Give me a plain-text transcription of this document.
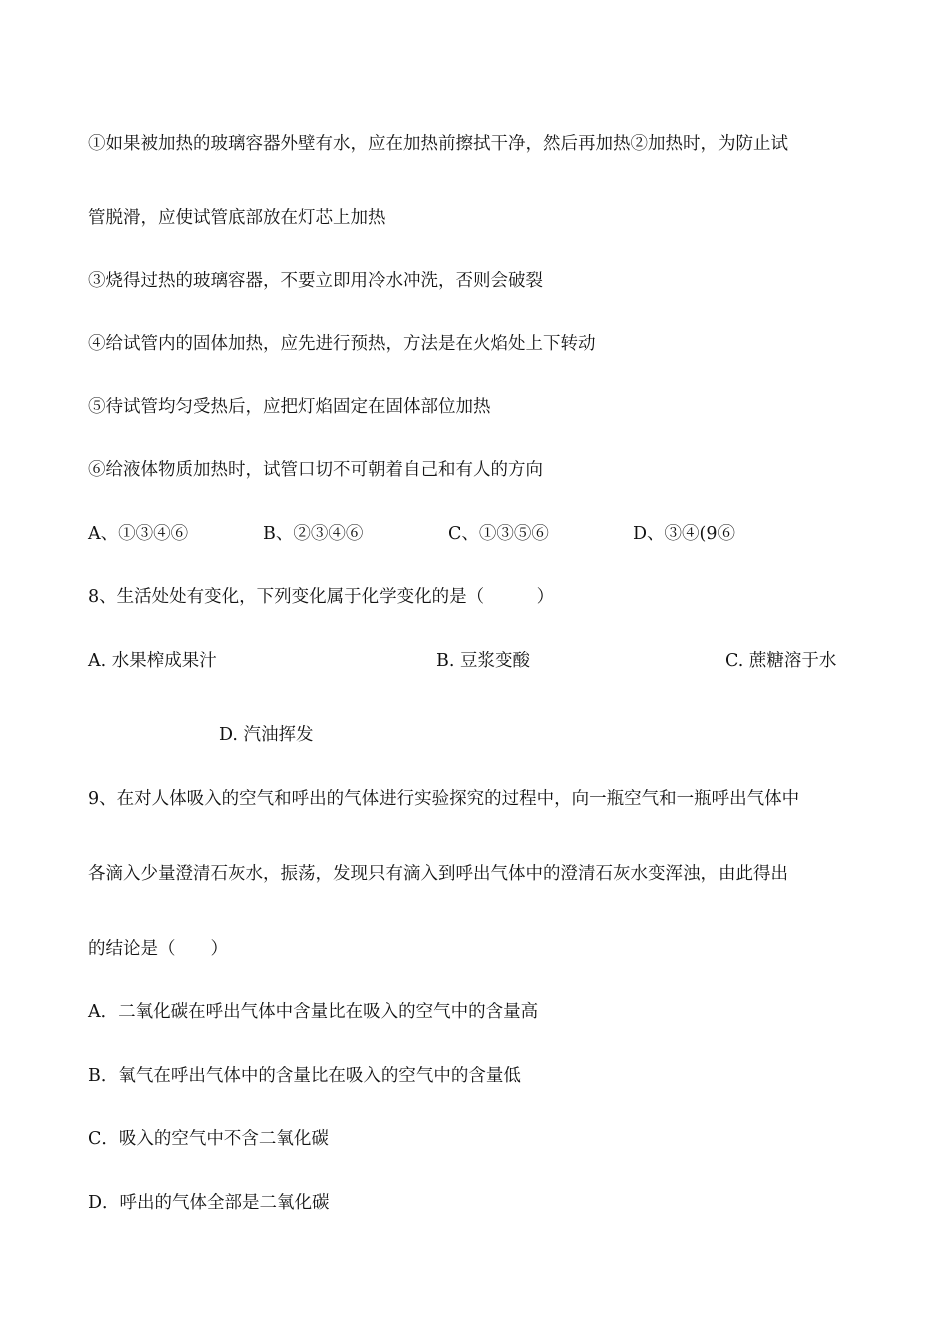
①如果被加热的玻璃容器外壁有水，应在加热前擦拭干净，然后再加热②加热时，为防止试
管脱滑，应使试管底部放在灯芯上加热
③烧得过热的玻璃容器，不要立即用冷水冲洗，否则会破裂
④给试管内的固体加热，应先进行预热，方法是在火焰处上下转动
⑤待试管均匀受热后，应把灯焰固定在固体部位加热
⑥给液体物质加热时，试管口切不可朝着自己和有人的方向
A、①③④⑥	B、②③④⑥	C、①③⑤⑥	D、③④(9⑥
8、生活处处有变化，下列变化属于化学变化的是（　　　）
A. 水果榨成果汁	B. 豆浆变酸	C. 蔗糖溶于水
D. 汽油挥发
9、在对人体吸入的空气和呼出的气体进行实验探究的过程中，向一瓶空气和一瓶呼出气体中
各滴入少量澄清石灰水，振荡，发现只有滴入到呼出气体中的澄清石灰水变浑浊，由此得出
的结论是（　　）
A．二氧化碳在呼出气体中含量比在吸入的空气中的含量高
B．氧气在呼出气体中的含量比在吸入的空气中的含量低
C．吸入的空气中不含二氧化碳
D．呼出的气体全部是二氧化碳
